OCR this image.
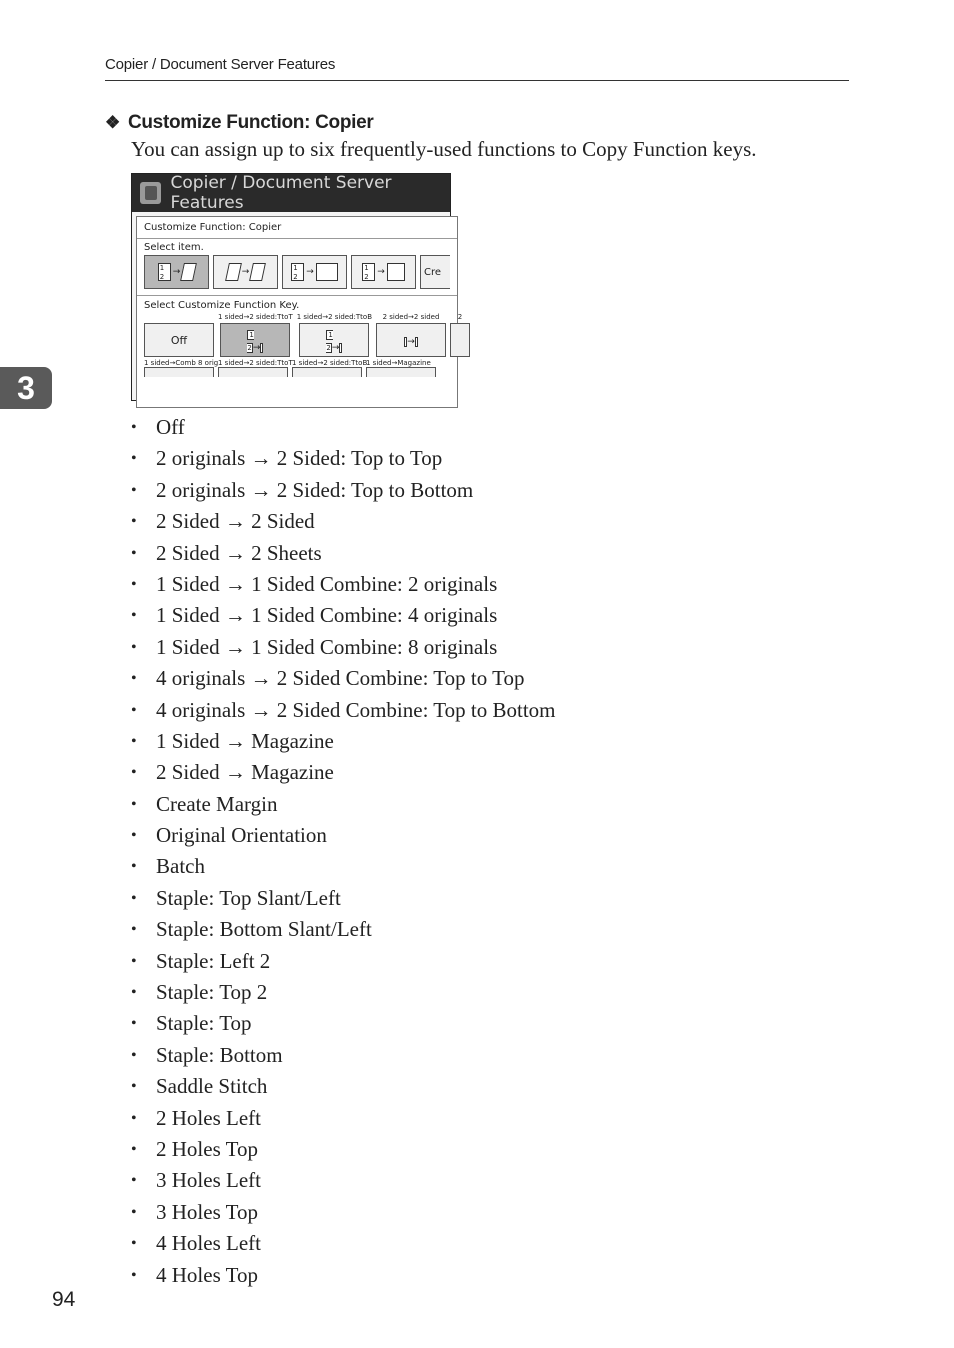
Copier / Document Server Features
❖ Customize Function: Copier
You can assign up to six frequently-used functions to Copy Function keys.
Copier / Document Server Features
Customize Function: Copier
Select item.
1
2 →	→	1
2 →	1
2 →	Cre
Select Customize Function Key.
Off
1 sided→2 sided:TtoT
1
2→
1 sided→2 sided:TtoB
1
2→
2 sided→2 sided
→
2
1 sided→Comb 8 orig 1 sided→2 sided:TtoT 1 sided→2 sided:TtoB
1 sided→Magazine
3
• Off
• 2 originals → 2 Sided: Top to Top
• 2 originals → 2 Sided: Top to Bottom
• 2 Sided → 2 Sided
• 2 Sided → 2 Sheets
• 1 Sided → 1 Sided Combine: 2 originals
• 1 Sided → 1 Sided Combine: 4 originals
• 1 Sided → 1 Sided Combine: 8 originals
• 4 originals → 2 Sided Combine: Top to Top
• 4 originals → 2 Sided Combine: Top to Bottom
• 1 Sided → Magazine
• 2 Sided → Magazine
• Create Margin
• Original Orientation
• Batch
• Staple: Top Slant/Left
• Staple: Bottom Slant/Left
• Staple: Left 2
• Staple: Top 2
• Staple: Top
• Staple: Bottom
• Saddle Stitch
• 2 Holes Left
• 2 Holes Top
• 3 Holes Left
• 3 Holes Top
• 4 Holes Left
• 4 Holes Top
94
